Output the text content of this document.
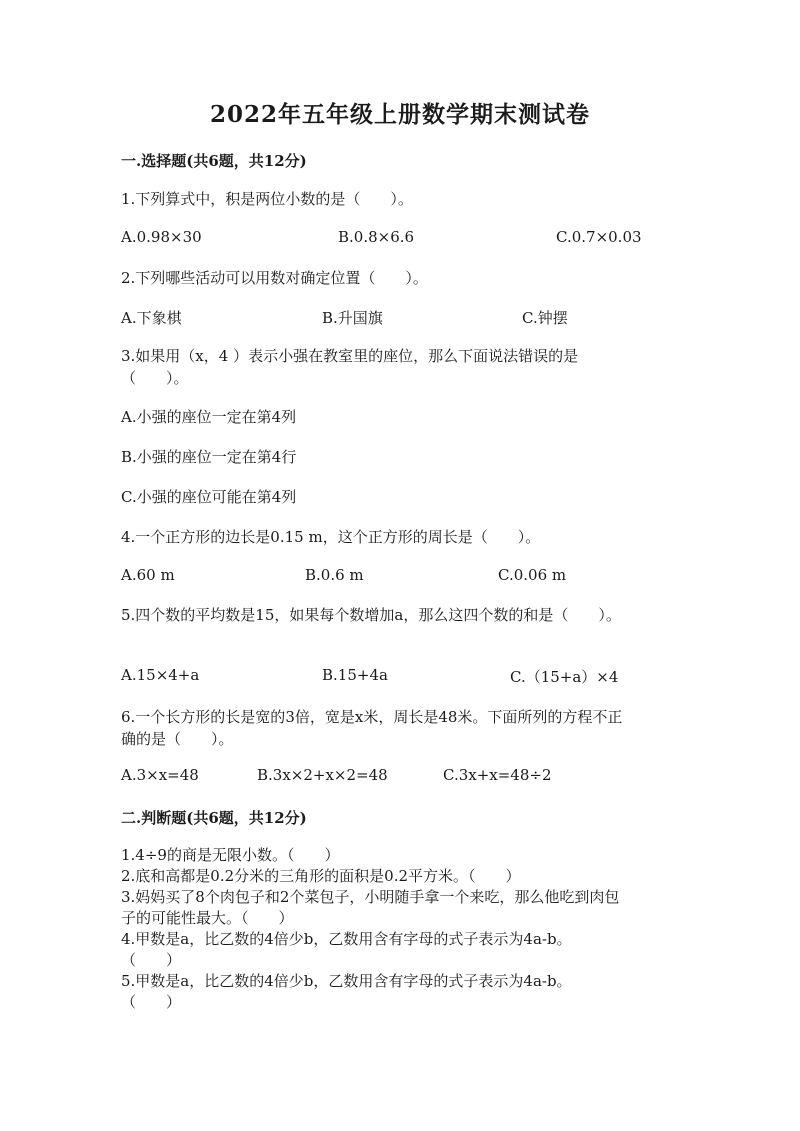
2022年五年级上册数学期末测试卷
一.选择题(共6题，共12分)
1.下列算式中，积是两位小数的是（　　）。
A.0.98×30	B.0.8×6.6	C.0.7×0.03
2.下列哪些活动可以用数对确定位置（　　）。
A.下象棋	B.升国旗	C.钟摆
3.如果用（x，4 ）表示小强在教室里的座位，那么下面说法错误的是
（　　）。
A.小强的座位一定在第4列
B.小强的座位一定在第4行
C.小强的座位可能在第4列
4.一个正方形的边长是0.15 m，这个正方形的周长是（　　）。
A.60 m	B.0.6 m	C.0.06 m
5.四个数的平均数是15，如果每个数增加a，那么这四个数的和是（　　）。
A.15×4+a	B.15+4a	C.（15+a）×4
6.一个长方形的长是宽的3倍，宽是x米，周长是48米。下面所列的方程不正
确的是（　　）。
A.3×x=48	B.3x×2+x×2=48	C.3x+x=48÷2
二.判断题(共6题，共12分)
1.4÷9的商是无限小数。（　　）
2.底和高都是0.2分米的三角形的面积是0.2平方米。（　　）
3.妈妈买了8个肉包子和2个菜包子，小明随手拿一个来吃，那么他吃到肉包
子的可能性最大。（　　）
4.甲数是a，比乙数的4倍少b，乙数用含有字母的式子表示为4a-b。
（　　）
5.甲数是a，比乙数的4倍少b，乙数用含有字母的式子表示为4a-b。
（　　）
